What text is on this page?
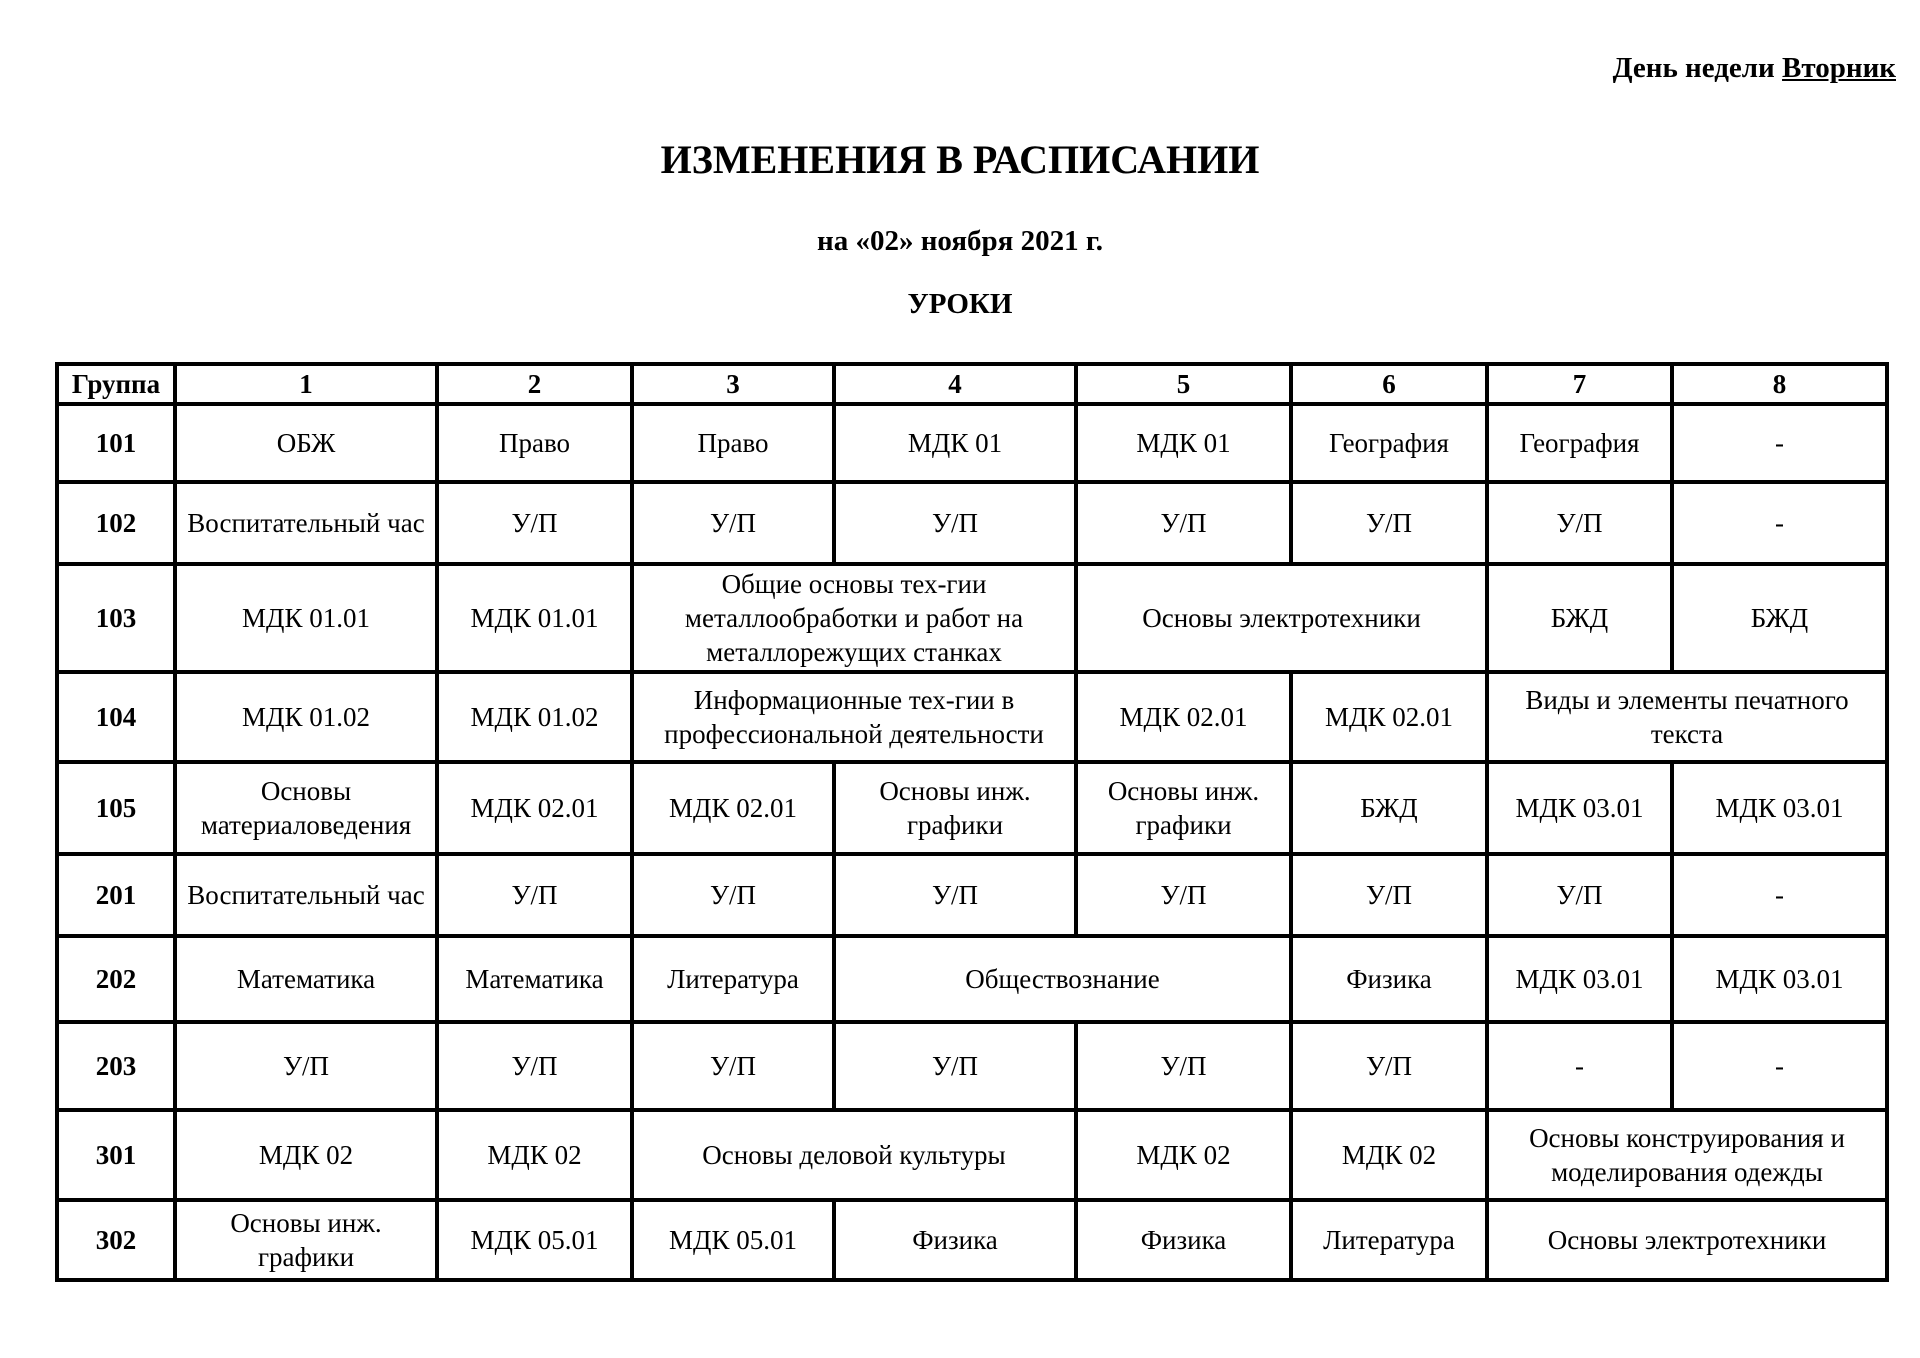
День недели Вторник
ИЗМЕНЕНИЯ В РАСПИСАНИИ
на «02» ноября 2021 г.
УРОКИ
Группа	1	2	3	4	5	6	7	8
101	ОБЖ	Право	Право	МДК 01	МДК 01	География	География	-
102	Воспитательный час	У/П	У/П	У/П	У/П	У/П	У/П	-
103	МДК 01.01	МДК 01.01	Общие основы тех-гии металлообработки и работ на металлорежущих станках		Основы электротехники		БЖД	БЖД
104	МДК 01.02	МДК 01.02	Информационные тех-гии в профессиональной деятельности		МДК 02.01	МДК 02.01	Виды и элементы печатного текста	
105	Основы материаловедения	МДК 02.01	МДК 02.01	Основы инж. графики	Основы инж. графики	БЖД	МДК 03.01	МДК 03.01
201	Воспитательный час	У/П	У/П	У/П	У/П	У/П	У/П	-
202	Математика	Математика	Литература	Обществознание		Физика	МДК 03.01	МДК 03.01
203	У/П	У/П	У/П	У/П	У/П	У/П	-	-
301	МДК 02	МДК 02	Основы деловой культуры		МДК 02	МДК 02	Основы конструирования и моделирования одежды	
302	Основы инж. графики	МДК 05.01	МДК 05.01	Физика	Физика	Литература	Основы электротехники	
